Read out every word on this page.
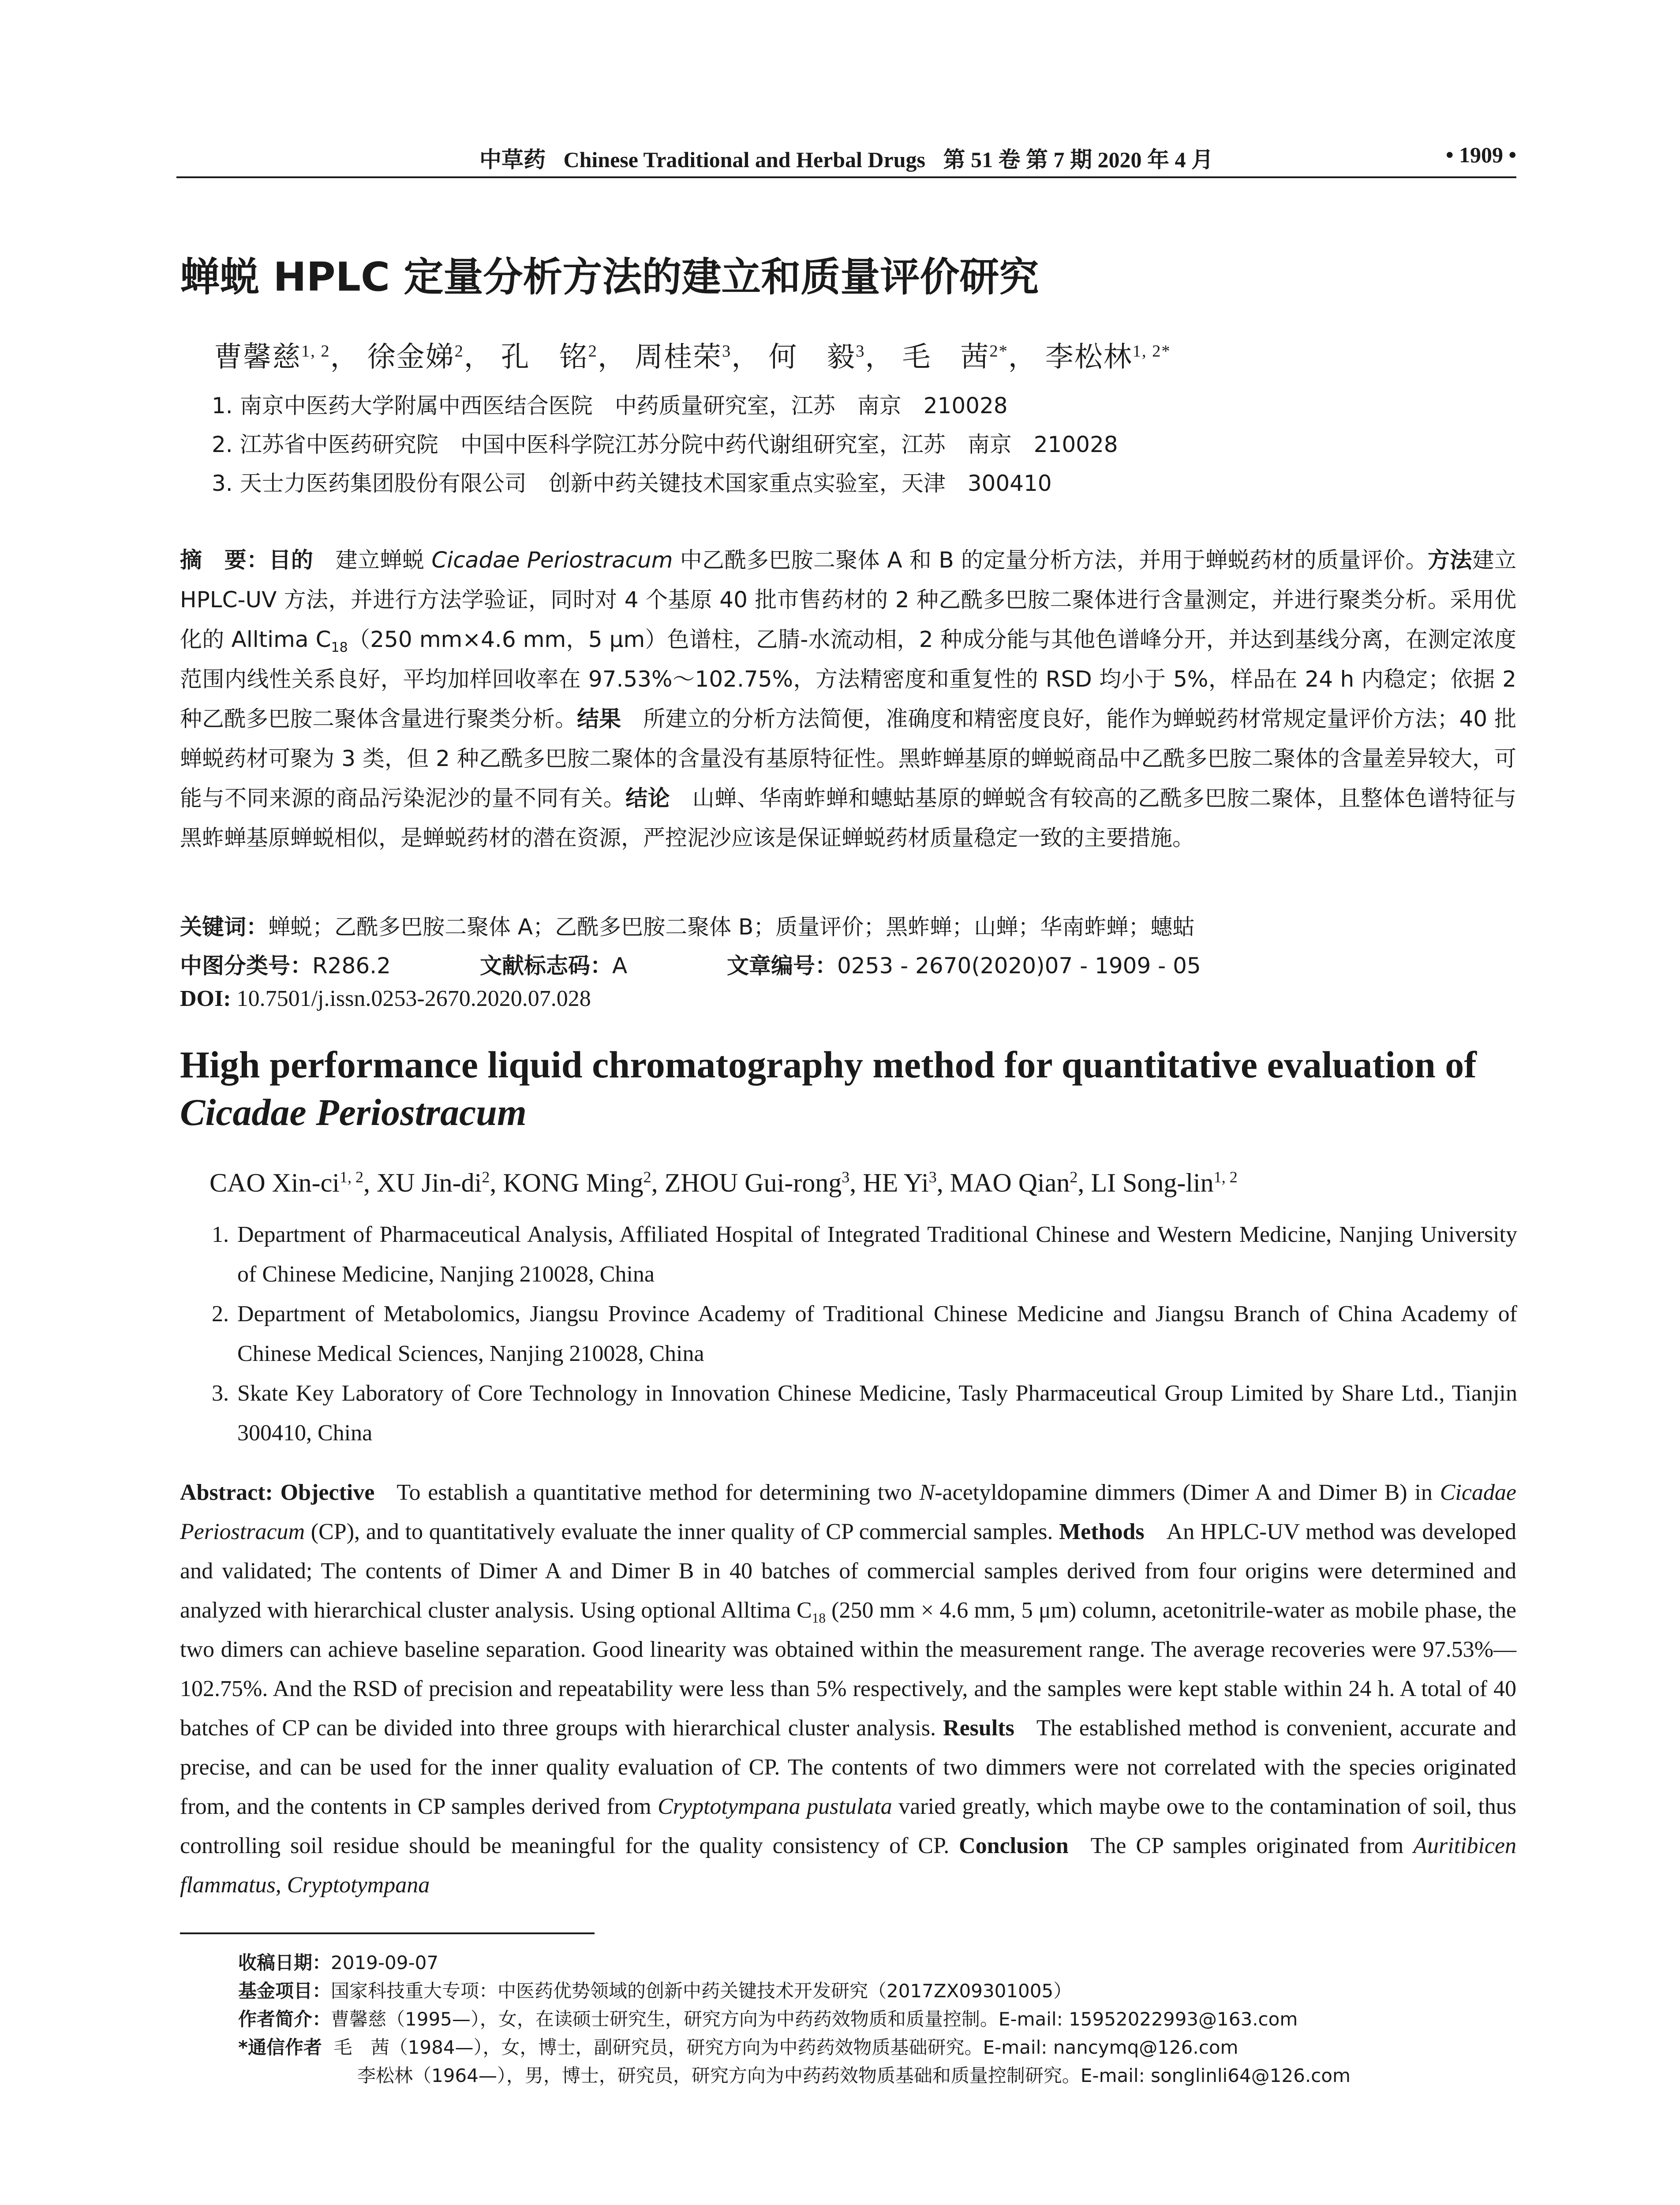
中草药 Chinese Traditional and Herbal Drugs 第 51 卷 第 7 期 2020 年 4 月	• 1909 •
蝉蜕 HPLC 定量分析方法的建立和质量评价研究
曹馨慈$^{1, 2}$， 徐金娣$^2$， 孔　铭$^2$， 周桂荣$^3$， 何　毅$^3$， 毛　茜$^{2*}$， 李松林$^{1, 2*}$
1. 南京中医药大学附属中西医结合医院　中药质量研究室，江苏　南京　210028
2. 江苏省中医药研究院　中国中医科学院江苏分院中药代谢组研究室，江苏　南京　210028
3. 天士力医药集团股份有限公司　创新中药关键技术国家重点实验室，天津　300410
摘　要：目的 建立蝉蜕 Cicadae Periostracum 中乙酰多巴胺二聚体 A 和 B 的定量分析方法，并用于蝉蜕药材的质量评价。方法建立 HPLC-UV 方法，并进行方法学验证，同时对 4 个基原 40 批市售药材的 2 种乙酰多巴胺二聚体进行含量测定，并进行聚类分析。采用优化的 Alltima $C_{18}(250$ mm×4.6 mm，5 μm）色谱柱，乙腈-水流动相，2 种成分能与其他色谱峰分开，并达到基线分离，在测定浓度范围内线性关系良好，平均加样回收率在 97.53%～102.75%，方法精密度和重复性的 RSD 均小于 5%，样品在 24 h 内稳定；依据 2 种乙酰多巴胺二聚体含量进行聚类分析。结果 所建立的分析方法简便，准确度和精密度良好，能作为蝉蜕药材常规定量评价方法；40 批蝉蜕药材可聚为 3 类，但 2 种乙酰多巴胺二聚体的含量没有基原特征性。黑蚱蝉基原的蝉蜕商品中乙酰多巴胺二聚体的含量差异较大，可能与不同来源的商品污染泥沙的量不同有关。结论 山蝉、华南蚱蝉和蟪蛄基原的蝉蜕含有较高的乙酰多巴胺二聚体，且整体色谱特征与黑蚱蝉基原蝉蜕相似，是蝉蜕药材的潜在资源，严控泥沙应该是保证蝉蜕药材质量稳定一致的主要措施。
关键词：蝉蜕；乙酰多巴胺二聚体 A；乙酰多巴胺二聚体 B；质量评价；黑蚱蝉；山蝉；华南蚱蝉；蟪蛄
中图分类号：R286.2	文献标志码：A	文章编号：0253 - 2670(2020)07 - 1909 - 05
DOI: 10.7501/j.issn.0253-2670.2020.07.028
High performance liquid chromatography method for quantitative evaluation of
Cicadae Periostracum
CAO Xin-ci$^{1, 2}$, XU Jin-$di^2$, KONG Ming$^2$, ZHOU Gui-rong$^3$, HE Yi$^3$, MAO Qian$^2$, LI Song-lin$^{1, 2}$
1. Department of Pharmaceutical Analysis, Affiliated Hospital of Integrated Traditional Chinese and Western Medicine, Nanjing University of Chinese Medicine, Nanjing 210028, China
2. Department of Metabolomics, Jiangsu Province Academy of Traditional Chinese Medicine and Jiangsu Branch of China Academy of Chinese Medical Sciences, Nanjing 210028, China
3. Skate Key Laboratory of Core Technology in Innovation Chinese Medicine, Tasly Pharmaceutical Group Limited by Share Ltd., Tianjin 300410, China
Abstract: Objective To establish a quantitative method for determining two N-acetyldopamine dimmers (Dimer A and Dimer B) in Cicadae Periostracum (CP), and to quantitatively evaluate the inner quality of CP commercial samples. Methods An HPLC-UV method was developed and validated; The contents of Dimer A and Dimer B in 40 batches of commercial samples derived from four origins were determined and analyzed with hierarchical cluster analysis. Using optional Alltima $C_{18}$ (250 mm × 4.6 mm, 5 μm) column, acetonitrile-water as mobile phase, the two dimers can achieve baseline separation. Good linearity was obtained within the measurement range. The average recoveries were 97.53%—102.75%. And the RSD of precision and repeatability were less than 5% respectively, and the samples were kept stable within 24 h. A total of 40 batches of CP can be divided into three groups with hierarchical cluster analysis. Results The established method is convenient, accurate and precise, and can be used for the inner quality evaluation of CP. The contents of two dimmers were not correlated with the species originated from, and the contents in CP samples derived from Cryptotympana pustulata varied greatly, which maybe owe to the contamination of soil, thus controlling soil residue should be meaningful for the quality consistency of CP. Conclusion The CP samples originated from Auritibicen flammatus, Cryptotympana
收稿日期：2019-09-07
基金项目：国家科技重大专项：中医药优势领域的创新中药关键技术开发研究（2017ZX09301005）
作者简介：曹馨慈（1995—），女，在读硕士研究生，研究方向为中药药效物质和质量控制。E-mail: 15952022993@163.com
*通信作者 毛　茜（1984—），女，博士，副研究员，研究方向为中药药效物质基础研究。E-mail: nancymq@126.com
李松林（1964—），男，博士，研究员，研究方向为中药药效物质基础和质量控制研究。E-mail: songlinli64@126.com
